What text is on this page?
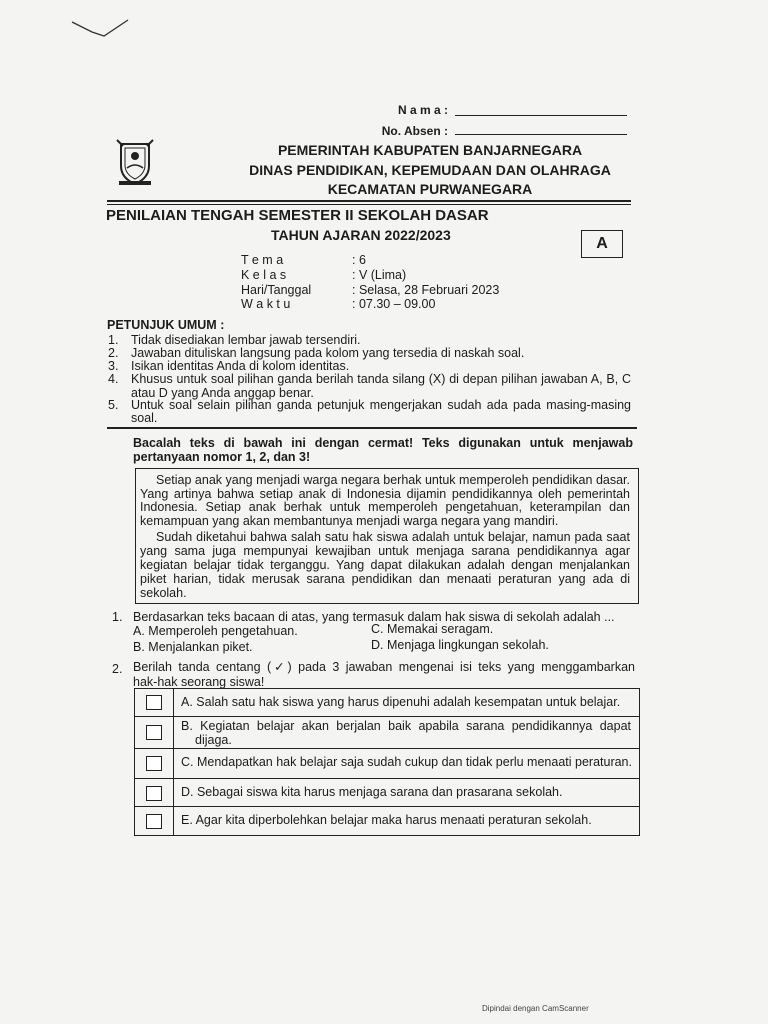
N a m a :
No. Absen :
PEMERINTAH KABUPATEN BANJARNEGARA
DINAS PENDIDIKAN, KEPEMUDAAN DAN OLAHRAGA
KECAMATAN PURWANEGARA
PENILAIAN TENGAH SEMESTER II SEKOLAH DASAR
TAHUN AJARAN 2022/2023	A
T e m a	: 6
K e l a s	: V (Lima)
Hari/Tanggal	: Selasa, 28 Februari 2023
W a k t u	: 07.30 – 09.00
PETUNJUK UMUM :
1. Tidak disediakan lembar jawab tersendiri.
2. Jawaban dituliskan langsung pada kolom yang tersedia di naskah soal.
3. Isikan identitas Anda di kolom identitas.
4. Khusus untuk soal pilihan ganda berilah tanda silang (X) di depan pilihan jawaban A, B, C
atau D yang Anda anggap benar.
5. Untuk soal selain pilihan ganda petunjuk mengerjakan sudah ada pada masing-masing
soal.
Bacalah teks di bawah ini dengan cermat! Teks digunakan untuk menjawab
pertanyaan nomor 1, 2, dan 3!
Setiap anak yang menjadi warga negara berhak untuk memperoleh pendidikan dasar.
Yang artinya bahwa setiap anak di Indonesia dijamin pendidikannya oleh pemerintah
Indonesia. Setiap anak berhak untuk memperoleh pengetahuan, keterampilan dan
kemampuan yang akan membantunya menjadi warga negara yang mandiri.
Sudah diketahui bahwa salah satu hak siswa adalah untuk belajar, namun pada saat
yang sama juga mempunyai kewajiban untuk menjaga sarana pendidikannya agar
kegiatan belajar tidak terganggu. Yang dapat dilakukan adalah dengan menjalankan
piket harian, tidak merusak sarana pendidikan dan menaati peraturan yang ada di
sekolah.
1. Berdasarkan teks bacaan di atas, yang termasuk dalam hak siswa di sekolah adalah ...
A. Memperoleh pengetahuan.	C. Memakai seragam.
B. Menjalankan piket.	D. Menjaga lingkungan sekolah.
2. Berilah tanda centang (✓) pada 3 jawaban mengenai isi teks yang menggambarkan
hak-hak seorang siswa!
A. Salah satu hak siswa yang harus dipenuhi adalah kesempatan untuk belajar.
B. Kegiatan belajar akan berjalan baik apabila sarana pendidikannya dapat
dijaga.
C. Mendapatkan hak belajar saja sudah cukup dan tidak perlu menaati peraturan.
D. Sebagai siswa kita harus menjaga sarana dan prasarana sekolah.
E. Agar kita diperbolehkan belajar maka harus menaati peraturan sekolah.
Dipindai dengan CamScanner
